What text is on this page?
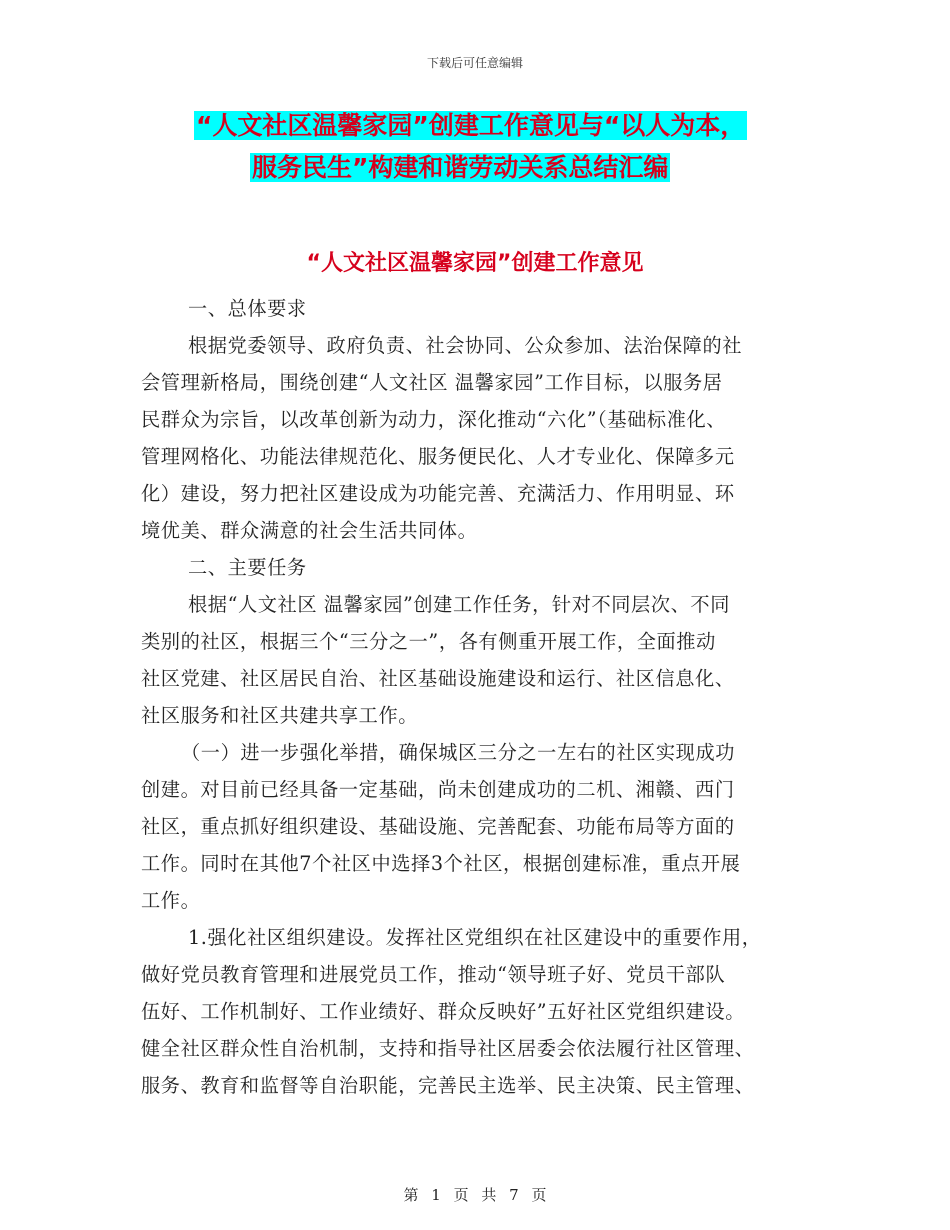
下载后可任意编辑
“人文社区温馨家园”创建工作意见与“以人为本，
服务民生”构建和谐劳动关系总结汇编
“人文社区温馨家园”创建工作意见

一、总体要求

根据党委领导、政府负责、社会协同、公众参加、法治保障的社
会管理新格局，围绕创建“人文社区 温馨家园”工作目标，以服务居
民群众为宗旨，以改革创新为动力，深化推动“六化”（基础标准化、
管理网格化、功能法律规范化、服务便民化、人才专业化、保障多元
化）建设，努力把社区建设成为功能完善、充满活力、作用明显、环
境优美、群众满意的社会生活共同体。

二、主要任务

根据“人文社区 温馨家园”创建工作任务，针对不同层次、不同
类别的社区，根据三个“三分之一”，各有侧重开展工作，全面推动
社区党建、社区居民自治、社区基础设施建设和运行、社区信息化、
社区服务和社区共建共享工作。

（一）进一步强化举措，确保城区三分之一左右的社区实现成功
创建。对目前已经具备一定基础，尚未创建成功的二机、湘赣、西门
社区，重点抓好组织建设、基础设施、完善配套、功能布局等方面的
工作。同时在其他7个社区中选择3个社区，根据创建标准，重点开展
工作。

1.强化社区组织建设。发挥社区党组织在社区建设中的重要作用，
做好党员教育管理和进展党员工作，推动“领导班子好、党员干部队
伍好、工作机制好、工作业绩好、群众反映好”五好社区党组织建设。
健全社区群众性自治机制，支持和指导社区居委会依法履行社区管理、
服务、教育和监督等自治职能，完善民主选举、民主决策、民主管理、

第 1 页 共 7 页
